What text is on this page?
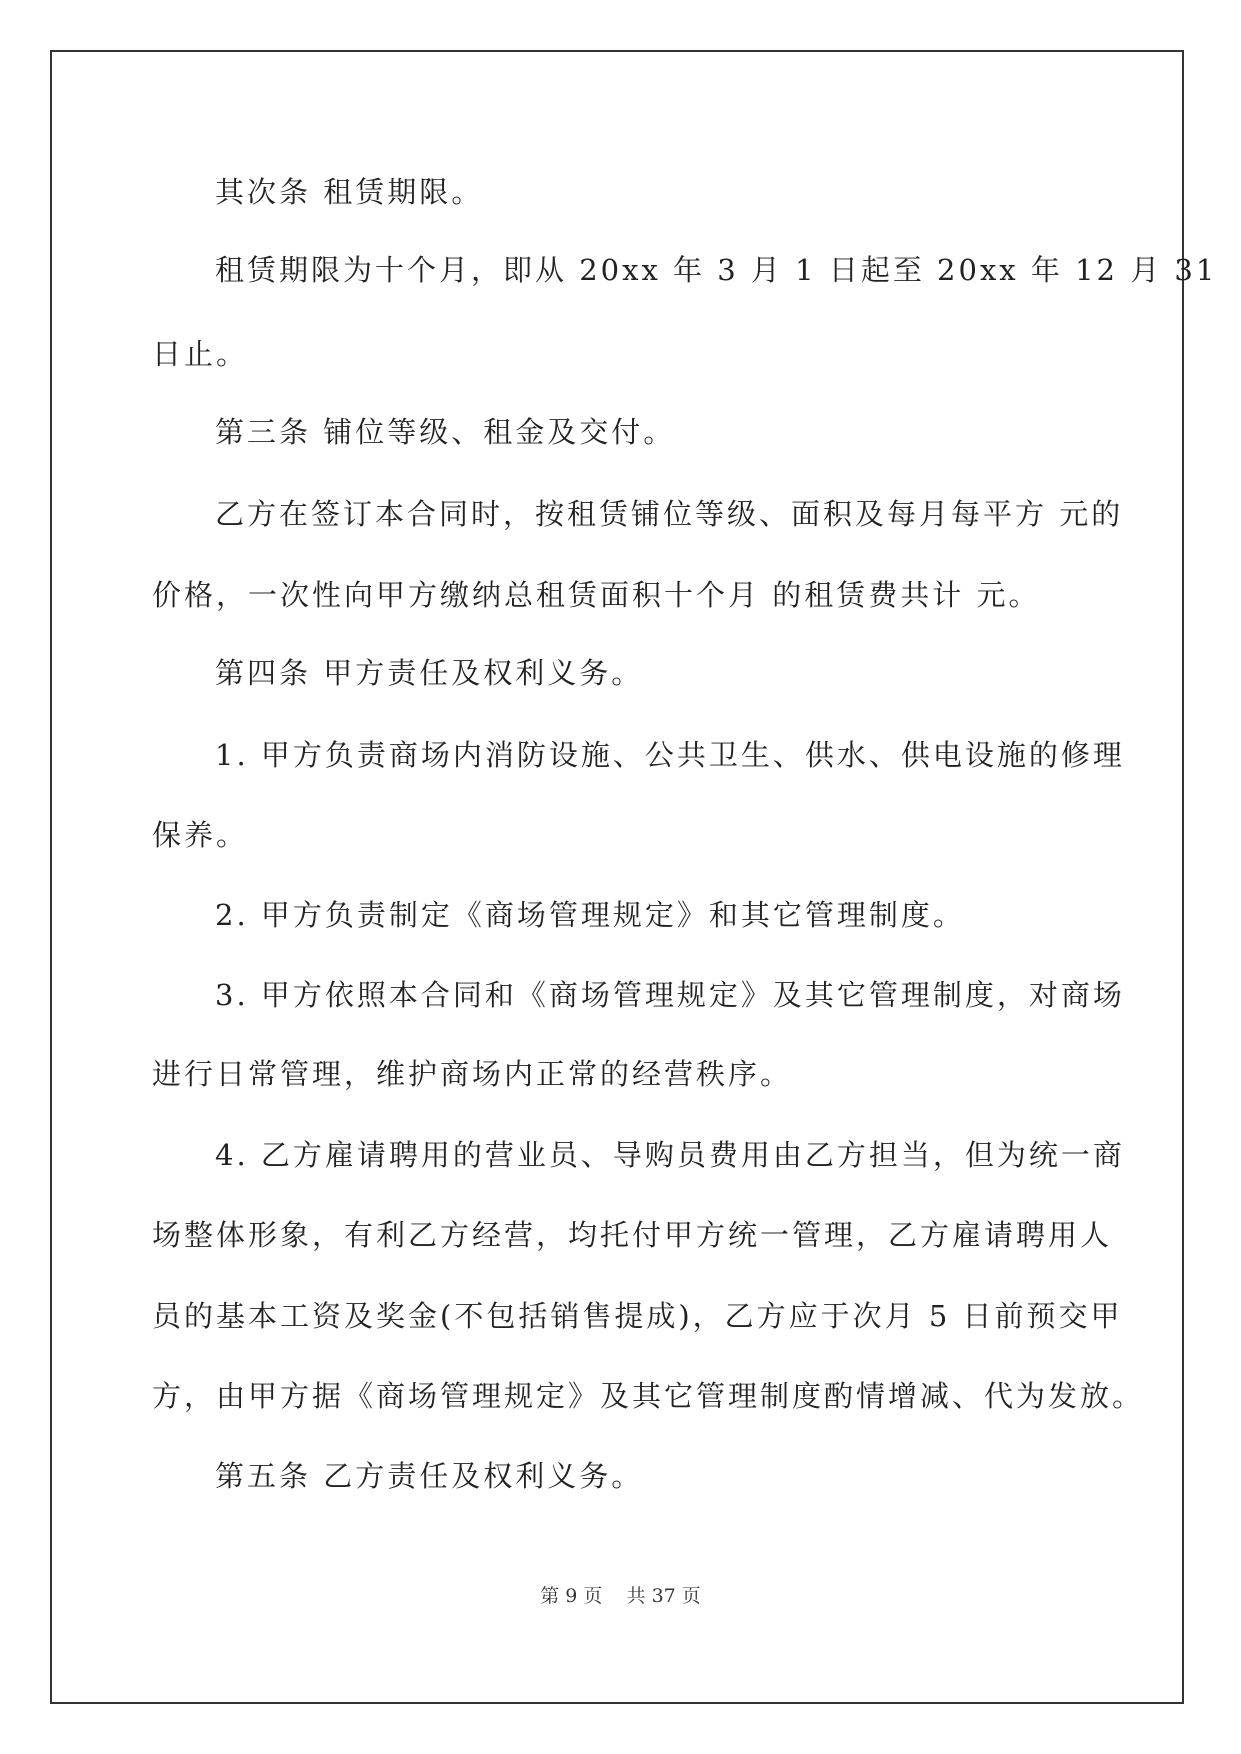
其次条 租赁期限。
租赁期限为十个月，即从 20xx 年 3 月 1 日起至 20xx 年 12 月 31
日止。
第三条 铺位等级、租金及交付。
乙方在签订本合同时，按租赁铺位等级、面积及每月每平方 元的
价格，一次性向甲方缴纳总租赁面积十个月 的租赁费共计 元。
第四条 甲方责任及权利义务。
1. 甲方负责商场内消防设施、公共卫生、供水、供电设施的修理
保养。
2. 甲方负责制定《商场管理规定》和其它管理制度。
3. 甲方依照本合同和《商场管理规定》及其它管理制度，对商场
进行日常管理，维护商场内正常的经营秩序。
4. 乙方雇请聘用的营业员、导购员费用由乙方担当，但为统一商
场整体形象，有利乙方经营，均托付甲方统一管理，乙方雇请聘用人
员的基本工资及奖金(不包括销售提成)，乙方应于次月 5 日前预交甲
方，由甲方据《商场管理规定》及其它管理制度酌情增减、代为发放。
第五条 乙方责任及权利义务。
第 9 页    共 37 页
